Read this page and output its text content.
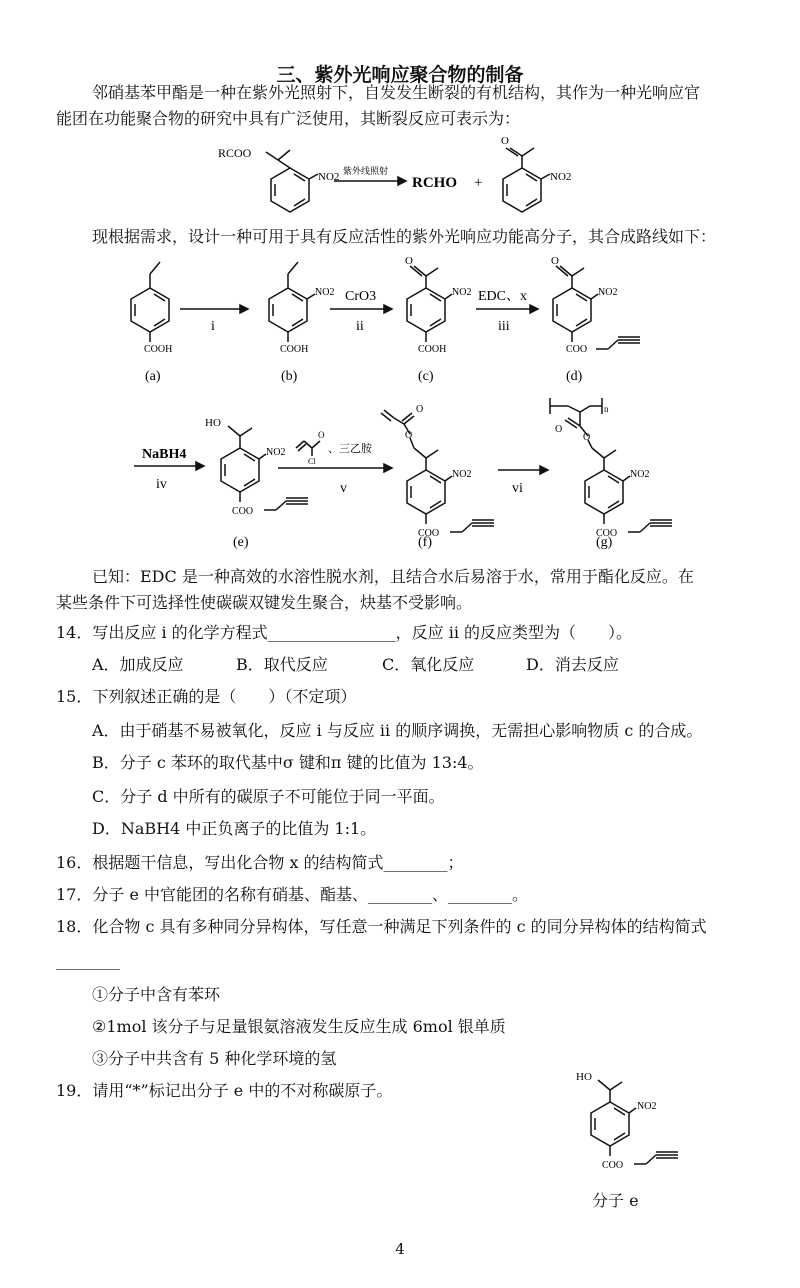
三、紫外光响应聚合物的制备
邻硝基苯甲酯是一种在紫外光照射下，自发发生断裂的有机结构，其作为一种光响应官
能团在功能聚合物的研究中具有广泛使用，其断裂反应可表示为：
RCOO
NO2 紫外线照射
RCHO +
O
NO2
现根据需求，设计一种可用于具有反应活性的紫外光响应功能高分子，其合成路线如下：
COOH
(a)
i
NO2
COOH
(b)
CrO3
ii
O
NO2
COOH
(c)
EDC、x
iii
O
NO2
COO
(d)
NaBH4
iv
HO
NO2
COO
(e)
O
Cl
、三乙胺
v
O
O
NO2
COO
(f)
vi
n
O
O
NO2
COO
(g)
已知：EDC 是一种高效的水溶性脱水剂，且结合水后易溶于水，常用于酯化反应。在
某些条件下可选择性使碳碳双键发生聚合，炔基不受影响。
14．写出反应 i 的化学方程式________________，反应 ii 的反应类型为（　　）。
A．加成反应	B．取代反应	C．氧化反应	D．消去反应
15．下列叙述正确的是（　　）（不定项）
A．由于硝基不易被氧化，反应 i 与反应 ii 的顺序调换，无需担心影响物质 c 的合成。
B．分子 c 苯环的取代基中σ 键和π 键的比值为 13:4。
C．分子 d 中所有的碳原子不可能位于同一平面。
D．NaBH4 中正负离子的比值为 1:1。
16．根据题干信息，写出化合物 x 的结构简式________；
17．分子 e 中官能团的名称有硝基、酯基、________、________。
18．化合物 c 具有多种同分异构体，写任意一种满足下列条件的 c 的同分异构体的结构简式
________
①分子中含有苯环
②1mol 该分子与足量银氨溶液发生反应生成 6mol 银单质
③分子中共含有 5 种化学环境的氢
19．请用“*”标记出分子 e 中的不对称碳原子。
HO
NO2
COO
分子 e
4
